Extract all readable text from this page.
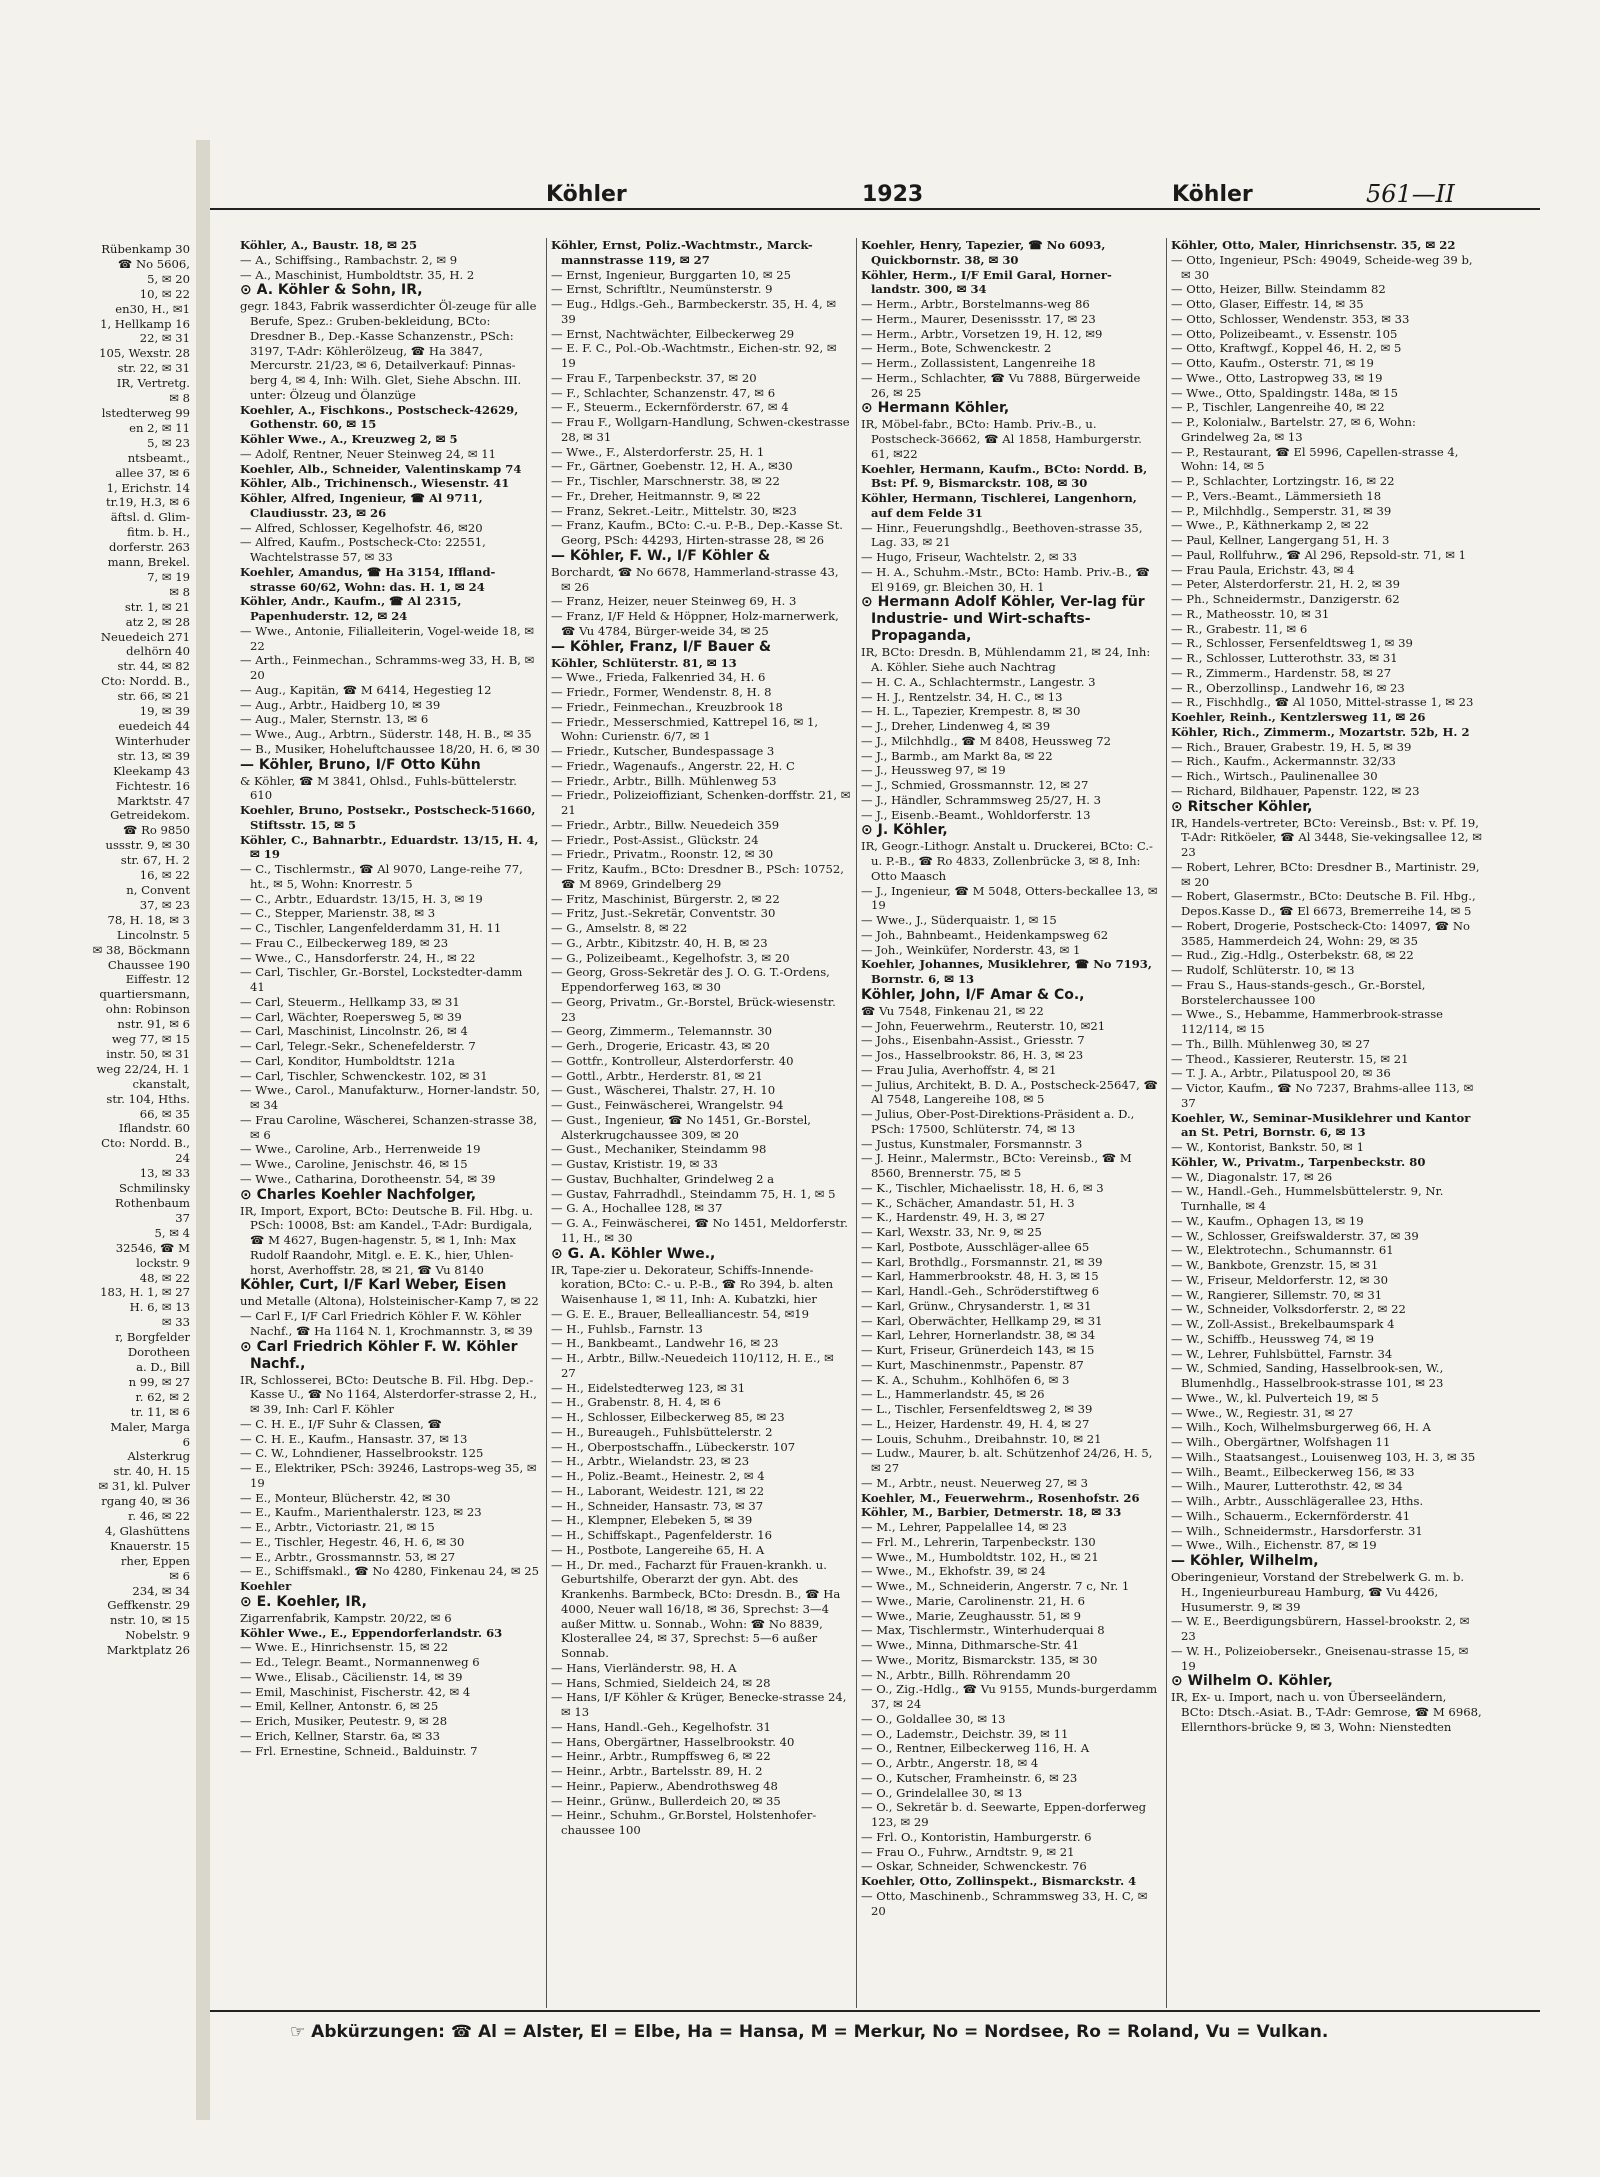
Rübenkamp 30
☎ No 5606,
5, ✉ 20
10, ✉ 22
en30, H., ✉1
1, Hellkamp 16
22, ✉ 31
105, Wexstr. 28
str. 22, ✉ 31
IR, Vertretg.
✉ 8
lstedterweg 99
en 2, ✉ 11
5, ✉ 23
ntsbeamt.,
allee 37, ✉ 6
1, Erichstr. 14
tr.19, H.3, ✉ 6
äftsl. d. Glim-
fitm. b. H.,
dorferstr. 263
mann, Brekel.
7, ✉ 19
✉ 8
str. 1, ✉ 21
atz 2, ✉ 28
Neuedeich 271
delhörn 40
str. 44, ✉ 82
Cto: Nordd. B.,
str. 66, ✉ 21
19, ✉ 39
euedeich 44
Winterhuder
str. 13, ✉ 39
Kleekamp 43
Fichtestr. 16
Marktstr. 47
Getreidekom.
☎ Ro 9850
ussstr. 9, ✉ 30
str. 67, H. 2
16, ✉ 22
n, Convent
37, ✉ 23
78, H. 18, ✉ 3
Lincolnstr. 5
✉ 38, Böckmann
Chaussee 190
Eiffestr. 12
quartiersmann,
ohn: Robinson
nstr. 91, ✉ 6
weg 77, ✉ 15
instr. 50, ✉ 31
weg 22/24, H. 1
ckanstalt,
str. 104, Hths.
66, ✉ 35
Iflandstr. 60
Cto: Nordd. B.,
24
13, ✉ 33
Schmilinsky
Rothenbaum
37
5, ✉ 4
32546, ☎ M
lockstr. 9
48, ✉ 22
183, H. 1, ✉ 27
H. 6, ✉ 13
✉ 33
r, Borgfelder
Dorotheen
a. D., Bill
n 99, ✉ 27
r. 62, ✉ 2
tr. 11, ✉ 6
Maler, Marga
6
Alsterkrug
str. 40, H. 15
✉ 31, kl. Pulver
rgang 40, ✉ 36
r. 46, ✉ 22
4, Glashüttens
Knauerstr. 15
rher, Eppen
✉ 6
234, ✉ 34
Geffkenstr. 29
nstr. 10, ✉ 15
Nobelstr. 9
Marktplatz 26
Köhler	1923	Köhler	561—II

Köhler, A., Baustr. 18, ✉ 25

— A., Schiffsing., Rambachstr. 2, ✉ 9

— A., Maschinist, Humboldtstr. 35, H. 2

⊙ A. Köhler & Sohn, IR,

gegr. 1843, Fabrik wasserdichter Öl-zeuge für alle Berufe, Spez.: Gruben-bekleidung, BCto: Dresdner B., Dep.-Kasse Schanzenstr., PSch: 3197, T-Adr: Köhlerölzeug, ☎ Ha 3847, Mercurstr. 21/23, ✉ 6, Detailverkauf: Pinnas-berg 4, ✉ 4, Inh: Wilh. Glet, Siehe Abschn. III. unter: Ölzeug und Ölanzüge

Koehler, A., Fischkons., Postscheck-42629, Gothenstr. 60, ✉ 15

Köhler Wwe., A., Kreuzweg 2, ✉ 5

— Adolf, Rentner, Neuer Steinweg 24, ✉ 11

Koehler, Alb., Schneider, Valentinskamp 74

Köhler, Alb., Trichinensch., Wiesenstr. 41

Köhler, Alfred, Ingenieur, ☎ Al 9711, Claudiusstr. 23, ✉ 26

— Alfred, Schlosser, Kegelhofstr. 46, ✉20

— Alfred, Kaufm., Postscheck-Cto: 22551, Wachtelstrasse 57, ✉ 33

Koehler, Amandus, ☎ Ha 3154, Iffland-strasse 60/62, Wohn: das. H. 1, ✉ 24

Köhler, Andr., Kaufm., ☎ Al 2315, Papenhuderstr. 12, ✉ 24

— Wwe., Antonie, Filialleiterin, Vogel-weide 18, ✉ 22

— Arth., Feinmechan., Schramms-weg 33, H. B, ✉ 20

— Aug., Kapitän, ☎ M 6414, Hegestieg 12

— Aug., Arbtr., Haidberg 10, ✉ 39

— Aug., Maler, Sternstr. 13, ✉ 6

— Wwe., Aug., Arbtrn., Süderstr. 148, H. B., ✉ 35

— B., Musiker, Hoheluftchaussee 18/20, H. 6, ✉ 30

— Köhler, Bruno, I/F Otto Kühn

& Köhler, ☎ M 3841, Ohlsd., Fuhls-büttelerstr. 610

Koehler, Bruno, Postsekr., Postscheck-51660, Stiftsstr. 15, ✉ 5

Köhler, C., Bahnarbtr., Eduardstr. 13/15, H. 4, ✉ 19

— C., Tischlermstr., ☎ Al 9070, Lange-reihe 77, ht., ✉ 5, Wohn: Knorrestr. 5

— C., Arbtr., Eduardstr. 13/15, H. 3, ✉ 19

— C., Stepper, Marienstr. 38, ✉ 3

— C., Tischler, Langenfelderdamm 31, H. 11

— Frau C., Eilbeckerweg 189, ✉ 23

— Wwe., C., Hansdorferstr. 24, H., ✉ 22

— Carl, Tischler, Gr.-Borstel, Lockstedter-damm 41

— Carl, Steuerm., Hellkamp 33, ✉ 31

— Carl, Wächter, Roepersweg 5, ✉ 39

— Carl, Maschinist, Lincolnstr. 26, ✉ 4

— Carl, Telegr.-Sekr., Schenefelderstr. 7

— Carl, Konditor, Humboldtstr. 121a

— Carl, Tischler, Schwenckestr. 102, ✉ 31

— Wwe., Carol., Manufakturw., Horner-landstr. 50, ✉ 34

— Frau Caroline, Wäscherei, Schanzen-strasse 38, ✉ 6

— Wwe., Caroline, Arb., Herrenweide 19

— Wwe., Caroline, Jenischstr. 46, ✉ 15

— Wwe., Catharina, Dorotheenstr. 54, ✉ 39

⊙ Charles Koehler Nachfolger,

IR, Import, Export, BCto: Deutsche B. Fil. Hbg. u. PSch: 10008, Bst: am Kandel., T-Adr: Burdigala, ☎ M 4627, Bugen-hagenstr. 5, ✉ 1, Inh: Max Rudolf Raandohr, Mitgl. e. E. K., hier, Uhlen-horst, Averhoffstr. 28, ✉ 21, ☎ Vu 8140

Köhler, Curt, I/F Karl Weber, Eisen

und Metalle (Altona), Holsteinischer-Kamp 7, ✉ 22

— Carl F., I/F Carl Friedrich Köhler F. W. Köhler Nachf., ☎ Ha 1164 N. 1, Krochmannstr. 3, ✉ 39

⊙ Carl Friedrich Köhler F. W. Köhler Nachf.,

IR, Schlosserei, BCto: Deutsche B. Fil. Hbg. Dep.-Kasse U., ☎ No 1164, Alsterdorfer-strasse 2, H., ✉ 39, Inh: Carl F. Köhler

— C. H. E., I/F Suhr & Classen, ☎

— C. H. E., Kaufm., Hansastr. 37, ✉ 13

— C. W., Lohndiener, Hasselbrookstr. 125

— E., Elektriker, PSch: 39246, Lastrops-weg 35, ✉ 19

— E., Monteur, Blücherstr. 42, ✉ 30

— E., Kaufm., Marienthalerstr. 123, ✉ 23

— E., Arbtr., Victoriastr. 21, ✉ 15

— E., Tischler, Hegestr. 46, H. 6, ✉ 30

— E., Arbtr., Grossmannstr. 53, ✉ 27

— E., Schiffsmakl., ☎ No 4280, Finkenau 24, ✉ 25

Koehler

⊙ E. Koehler, IR,

Zigarrenfabrik, Kampstr. 20/22, ✉ 6

Köhler Wwe., E., Eppendorferlandstr. 63

— Wwe. E., Hinrichsenstr. 15, ✉ 22

— Ed., Telegr. Beamt., Normannenweg 6

— Wwe., Elisab., Cäcilienstr. 14, ✉ 39

— Emil, Maschinist, Fischerstr. 42, ✉ 4

— Emil, Kellner, Antonstr. 6, ✉ 25

— Erich, Musiker, Peutestr. 9, ✉ 28

— Erich, Kellner, Starstr. 6a, ✉ 33

— Frl. Ernestine, Schneid., Balduinstr. 7

Köhler, Ernst, Poliz.-Wachtmstr., Marck-mannstrasse 119, ✉ 27

— Ernst, Ingenieur, Burggarten 10, ✉ 25

— Ernst, Schriftltr., Neumünsterstr. 9

— Eug., Hdlgs.-Geh., Barmbeckerstr. 35, H. 4, ✉ 39

— Ernst, Nachtwächter, Eilbeckerweg 29

— E. F. C., Pol.-Ob.-Wachtmstr., Eichen-str. 92, ✉ 19

— Frau F., Tarpenbeckstr. 37, ✉ 20

— F., Schlachter, Schanzenstr. 47, ✉ 6

— F., Steuerm., Eckernförderstr. 67, ✉ 4

— Frau F., Wollgarn-Handlung, Schwen-ckestrasse 28, ✉ 31

— Wwe., F., Alsterdorferstr. 25, H. 1

— Fr., Gärtner, Goebenstr. 12, H. A., ✉30

— Fr., Tischler, Marschnerstr. 38, ✉ 22

— Fr., Dreher, Heitmannstr. 9, ✉ 22

— Franz, Sekret.-Leitr., Mittelstr. 30, ✉23

— Franz, Kaufm., BCto: C.-u. P.-B., Dep.-Kasse St. Georg, PSch: 44293, Hirten-strasse 28, ✉ 26

— Köhler, F. W., I/F Köhler &

Borchardt, ☎ No 6678, Hammerland-strasse 43, ✉ 26

— Franz, Heizer, neuer Steinweg 69, H. 3

— Franz, I/F Held & Höppner, Holz-marnerwerk, ☎ Vu 4784, Bürger-weide 34, ✉ 25

— Köhler, Franz, I/F Bauer &

Köhler, Schlüterstr. 81, ✉ 13

— Wwe., Frieda, Falkenried 34, H. 6

— Friedr., Former, Wendenstr. 8, H. 8

— Friedr., Feinmechan., Kreuzbrook 18

— Friedr., Messerschmied, Kattrepel 16, ✉ 1, Wohn: Curienstr. 6/7, ✉ 1

— Friedr., Kutscher, Bundespassage 3

— Friedr., Wagenaufs., Angerstr. 22, H. C

— Friedr., Arbtr., Billh. Mühlenweg 53

— Friedr., Polizeioffiziant, Schenken-dorffstr. 21, ✉ 21

— Friedr., Arbtr., Billw. Neuedeich 359

— Friedr., Post-Assist., Glückstr. 24

— Friedr., Privatm., Roonstr. 12, ✉ 30

— Fritz, Kaufm., BCto: Dresdner B., PSch: 10752, ☎ M 8969, Grindelberg 29

— Fritz, Maschinist, Bürgerstr. 2, ✉ 22

— Fritz, Just.-Sekretär, Conventstr. 30

— G., Amselstr. 8, ✉ 22

— G., Arbtr., Kibitzstr. 40, H. B, ✉ 23

— G., Polizeibeamt., Kegelhofstr. 3, ✉ 20

— Georg, Gross-Sekretär des J. O. G. T.-Ordens, Eppendorferweg 163, ✉ 30

— Georg, Privatm., Gr.-Borstel, Brück-wiesenstr. 23

— Georg, Zimmerm., Telemannstr. 30

— Gerh., Drogerie, Ericastr. 43, ✉ 20

— Gottfr., Kontrolleur, Alsterdorferstr. 40

— Gottl., Arbtr., Herderstr. 81, ✉ 21

— Gust., Wäscherei, Thalstr. 27, H. 10

— Gust., Feinwäscherei, Wrangelstr. 94

— Gust., Ingenieur, ☎ No 1451, Gr.-Borstel, Alsterkrugchaussee 309, ✉ 20

— Gust., Mechaniker, Steindamm 98

— Gustav, Krististr. 19, ✉ 33

— Gustav, Buchhalter, Grindelweg 2 a

— Gustav, Fahrradhdl., Steindamm 75, H. 1, ✉ 5

— G. A., Hochallee 128, ✉ 37

— G. A., Feinwäscherei, ☎ No 1451, Meldorferstr. 11, H., ✉ 30

⊙ G. A. Köhler Wwe.,

IR, Tape-zier u. Dekorateur, Schiffs-Innende-koration, BCto: C.- u. P.-B., ☎ Ro 394, b. alten Waisenhause 1, ✉ 11, Inh: A. Kubatzki, hier

— G. E. E., Brauer, Bellealliancestr. 54, ✉19

— H., Fuhlsb., Farnstr. 13

— H., Bankbeamt., Landwehr 16, ✉ 23

— H., Arbtr., Billw.-Neuedeich 110/112, H. E., ✉ 27

— H., Eidelstedterweg 123, ✉ 31

— H., Grabenstr. 8, H. 4, ✉ 6

— H., Schlosser, Eilbeckerweg 85, ✉ 23

— H., Bureaugeh., Fuhlsbüttelerstr. 2

— H., Oberpostschaffn., Lübeckerstr. 107

— H., Arbtr., Wielandstr. 23, ✉ 23

— H., Poliz.-Beamt., Heinestr. 2, ✉ 4

— H., Laborant, Weidestr. 121, ✉ 22

— H., Schneider, Hansastr. 73, ✉ 37

— H., Klempner, Elebeken 5, ✉ 39

— H., Schiffskapt., Pagenfelderstr. 16

— H., Postbote, Langereihe 65, H. A

— H., Dr. med., Facharzt für Frauen-krankh. u. Geburtshilfe, Oberarzt der gyn. Abt. des Krankenhs. Barmbeck, BCto: Dresdn. B., ☎ Ha 4000, Neuer wall 16/18, ✉ 36, Sprechst: 3—4 außer Mittw. u. Sonnab., Wohn: ☎ No 8839, Klosterallee 24, ✉ 37, Sprechst: 5—6 außer Sonnab.

— Hans, Vierländerstr. 98, H. A

— Hans, Schmied, Sieldeich 24, ✉ 28

— Hans, I/F Köhler & Krüger, Benecke-strasse 24, ✉ 13

— Hans, Handl.-Geh., Kegelhofstr. 31

— Hans, Obergärtner, Hasselbrookstr. 40

— Heinr., Arbtr., Rumpffsweg 6, ✉ 22

— Heinr., Arbtr., Bartelsstr. 89, H. 2

— Heinr., Papierw., Abendrothsweg 48

— Heinr., Grünw., Bullerdeich 20, ✉ 35

— Heinr., Schuhm., Gr.Borstel, Holstenhofer-chaussee 100

Koehler, Henry, Tapezier, ☎ No 6093, Quickbornstr. 38, ✉ 30

Köhler, Herm., I/F Emil Garal, Horner-landstr. 300, ✉ 34

— Herm., Arbtr., Borstelmanns-weg 86

— Herm., Maurer, Desenissstr. 17, ✉ 23

— Herm., Arbtr., Vorsetzen 19, H. 12, ✉9

— Herm., Bote, Schwenckestr. 2

— Herm., Zollassistent, Langenreihe 18

— Herm., Schlachter, ☎ Vu 7888, Bürgerweide 26, ✉ 25

⊙ Hermann Köhler,

IR, Möbel-fabr., BCto: Hamb. Priv.-B., u. Postscheck-36662, ☎ Al 1858, Hamburgerstr. 61, ✉22

Koehler, Hermann, Kaufm., BCto: Nordd. B, Bst: Pf. 9, Bismarckstr. 108, ✉ 30

Köhler, Hermann, Tischlerei, Langenhorn, auf dem Felde 31

— Hinr., Feuerungshdlg., Beethoven-strasse 35, Lag. 33, ✉ 21

— Hugo, Friseur, Wachtelstr. 2, ✉ 33

— H. A., Schuhm.-Mstr., BCto: Hamb. Priv.-B., ☎ El 9169, gr. Bleichen 30, H. 1

⊙ Hermann Adolf Köhler, Ver-lag für Industrie- und Wirt-schafts-Propaganda,

IR, BCto: Dresdn. B, Mühlendamm 21, ✉ 24, Inh: A. Köhler. Siehe auch Nachtrag

— H. C. A., Schlachtermstr., Langestr. 3

— H. J., Rentzelstr. 34, H. C., ✉ 13

— H. L., Tapezier, Krempestr. 8, ✉ 30

— J., Dreher, Lindenweg 4, ✉ 39

— J., Milchhdlg., ☎ M 8408, Heussweg 72

— J., Barmb., am Markt 8a, ✉ 22

— J., Heussweg 97, ✉ 19

— J., Schmied, Grossmannstr. 12, ✉ 27

— J., Händler, Schrammsweg 25/27, H. 3

— J., Eisenb.-Beamt., Wohldorferstr. 13

⊙ J. Köhler,

IR, Geogr.-Lithogr. Anstalt u. Druckerei, BCto: C.-u. P.-B., ☎ Ro 4833, Zollenbrücke 3, ✉ 8, Inh: Otto Maasch

— J., Ingenieur, ☎ M 5048, Otters-beckallee 13, ✉ 19

— Wwe., J., Süderquaistr. 1, ✉ 15

— Joh., Bahnbeamt., Heidenkampsweg 62

— Joh., Weinküfer, Norderstr. 43, ✉ 1

Koehler, Johannes, Musiklehrer, ☎ No 7193, Bornstr. 6, ✉ 13

Köhler, John, I/F Amar & Co.,

☎ Vu 7548, Finkenau 21, ✉ 22

— John, Feuerwehrm., Reuterstr. 10, ✉21

— Johs., Eisenbahn-Assist., Griesstr. 7

— Jos., Hasselbrookstr. 86, H. 3, ✉ 23

— Frau Julia, Averhoffstr. 4, ✉ 21

— Julius, Architekt, B. D. A., Postscheck-25647, ☎ Al 7548, Langereihe 108, ✉ 5

— Julius, Ober-Post-Direktions-Präsident a. D., PSch: 17500, Schlüterstr. 74, ✉ 13

— Justus, Kunstmaler, Forsmannstr. 3

— J. Heinr., Malermstr., BCto: Vereinsb., ☎ M 8560, Brennerstr. 75, ✉ 5

— K., Tischler, Michaelisstr. 18, H. 6, ✉ 3

— K., Schächer, Amandastr. 51, H. 3

— K., Hardenstr. 49, H. 3, ✉ 27

— Karl, Wexstr. 33, Nr. 9, ✉ 25

— Karl, Postbote, Ausschläger-allee 65

— Karl, Brothdlg., Forsmannstr. 21, ✉ 39

— Karl, Hammerbrookstr. 48, H. 3, ✉ 15

— Karl, Handl.-Geh., Schröderstiftweg 6

— Karl, Grünw., Chrysanderstr. 1, ✉ 31

— Karl, Oberwächter, Hellkamp 29, ✉ 31

— Karl, Lehrer, Hornerlandstr. 38, ✉ 34

— Kurt, Friseur, Grünerdeich 143, ✉ 15

— Kurt, Maschinenmstr., Papenstr. 87

— K. A., Schuhm., Kohlhöfen 6, ✉ 3

— L., Hammerlandstr. 45, ✉ 26

— L., Tischler, Fersenfeldtsweg 2, ✉ 39

— L., Heizer, Hardenstr. 49, H. 4, ✉ 27

— Louis, Schuhm., Dreibahnstr. 10, ✉ 21

— Ludw., Maurer, b. alt. Schützenhof 24/26, H. 5, ✉ 27

— M., Arbtr., neust. Neuerweg 27, ✉ 3

Koehler, M., Feuerwehrm., Rosenhofstr. 26

Köhler, M., Barbier, Detmerstr. 18, ✉ 33

— M., Lehrer, Pappelallee 14, ✉ 23

— Frl. M., Lehrerin, Tarpenbeckstr. 130

— Wwe., M., Humboldtstr. 102, H., ✉ 21

— Wwe., M., Ekhofstr. 39, ✉ 24

— Wwe., M., Schneiderin, Angerstr. 7 c, Nr. 1

— Wwe., Marie, Carolinenstr. 21, H. 6

— Wwe., Marie, Zeughausstr. 51, ✉ 9

— Max, Tischlermstr., Winterhuderquai 8

— Wwe., Minna, Dithmarsche-Str. 41

— Wwe., Moritz, Bismarckstr. 135, ✉ 30

— N., Arbtr., Billh. Röhrendamm 20

— O., Zig.-Hdlg., ☎ Vu 9155, Munds-burgerdamm 37, ✉ 24

— O., Goldallee 30, ✉ 13

— O., Lademstr., Deichstr. 39, ✉ 11

— O., Rentner, Eilbeckerweg 116, H. A

— O., Arbtr., Angerstr. 18, ✉ 4

— O., Kutscher, Framheinstr. 6, ✉ 23

— O., Grindelallee 30, ✉ 13

— O., Sekretär b. d. Seewarte, Eppen-dorferweg 123, ✉ 29

— Frl. O., Kontoristin, Hamburgerstr. 6

— Frau O., Fuhrw., Arndtstr. 9, ✉ 21

— Oskar, Schneider, Schwenckestr. 76

Koehler, Otto, Zollinspekt., Bismarckstr. 4

— Otto, Maschinenb., Schrammsweg 33, H. C, ✉ 20

Köhler, Otto, Maler, Hinrichsenstr. 35, ✉ 22

— Otto, Ingenieur, PSch: 49049, Scheide-weg 39 b, ✉ 30

— Otto, Heizer, Billw. Steindamm 82

— Otto, Glaser, Eiffestr. 14, ✉ 35

— Otto, Schlosser, Wendenstr. 353, ✉ 33

— Otto, Polizeibeamt., v. Essenstr. 105

— Otto, Kraftwgf., Koppel 46, H. 2, ✉ 5

— Otto, Kaufm., Osterstr. 71, ✉ 19

— Wwe., Otto, Lastropweg 33, ✉ 19

— Wwe., Otto, Spaldingstr. 148a, ✉ 15

— P., Tischler, Langenreihe 40, ✉ 22

— P., Kolonialw., Bartelstr. 27, ✉ 6, Wohn: Grindelweg 2a, ✉ 13

— P., Restaurant, ☎ El 5996, Capellen-strasse 4, Wohn: 14, ✉ 5

— P., Schlachter, Lortzingstr. 16, ✉ 22

— P., Vers.-Beamt., Lämmersieth 18

— P., Milchhdlg., Semperstr. 31, ✉ 39

— Wwe., P., Käthnerkamp 2, ✉ 22

— Paul, Kellner, Langergang 51, H. 3

— Paul, Rollfuhrw., ☎ Al 296, Repsold-str. 71, ✉ 1

— Frau Paula, Erichstr. 43, ✉ 4

— Peter, Alsterdorferstr. 21, H. 2, ✉ 39

— Ph., Schneidermstr., Danzigerstr. 62

— R., Matheosstr. 10, ✉ 31

— R., Grabestr. 11, ✉ 6

— R., Schlosser, Fersenfeldtsweg 1, ✉ 39

— R., Schlosser, Lutterothstr. 33, ✉ 31

— R., Zimmerm., Hardenstr. 58, ✉ 27

— R., Oberzollinsp., Landwehr 16, ✉ 23

— R., Fischhdlg., ☎ Al 1050, Mittel-strasse 1, ✉ 23

Koehler, Reinh., Kentzlersweg 11, ✉ 26

Köhler, Rich., Zimmerm., Mozartstr. 52b, H. 2

— Rich., Brauer, Grabestr. 19, H. 5, ✉ 39

— Rich., Kaufm., Ackermannstr. 32/33

— Rich., Wirtsch., Paulinenallee 30

— Richard, Bildhauer, Papenstr. 122, ✉ 23

⊙ Ritscher Köhler,

IR, Handels-vertreter, BCto: Vereinsb., Bst: v. Pf. 19, T-Adr: Ritköeler, ☎ Al 3448, Sie-vekingsallee 12, ✉ 23

— Robert, Lehrer, BCto: Dresdner B., Martinistr. 29, ✉ 20

— Robert, Glasermstr., BCto: Deutsche B. Fil. Hbg., Depos.Kasse D., ☎ El 6673, Bremerreihe 14, ✉ 5

— Robert, Drogerie, Postscheck-Cto: 14097, ☎ No 3585, Hammerdeich 24, Wohn: 29, ✉ 35

— Rud., Zig.-Hdlg., Osterbekstr. 68, ✉ 22

— Rudolf, Schlüterstr. 10, ✉ 13

— Frau S., Haus-stands-gesch., Gr.-Borstel, Borstelerchaussee 100

— Wwe., S., Hebamme, Hammerbrook-strasse 112/114, ✉ 15

— Th., Billh. Mühlenweg 30, ✉ 27

— Theod., Kassierer, Reuterstr. 15, ✉ 21

— T. J. A., Arbtr., Pilatuspool 20, ✉ 36

— Victor, Kaufm., ☎ No 7237, Brahms-allee 113, ✉ 37

Koehler, W., Seminar-Musiklehrer und Kantor an St. Petri, Bornstr. 6, ✉ 13

— W., Kontorist, Bankstr. 50, ✉ 1

Köhler, W., Privatm., Tarpenbeckstr. 80

— W., Diagonalstr. 17, ✉ 26

— W., Handl.-Geh., Hummelsbüttelerstr. 9, Nr. Turnhalle, ✉ 4

— W., Kaufm., Ophagen 13, ✉ 19

— W., Schlosser, Greifswalderstr. 37, ✉ 39

— W., Elektrotechn., Schumannstr. 61

— W., Bankbote, Grenzstr. 15, ✉ 31

— W., Friseur, Meldorferstr. 12, ✉ 30

— W., Rangierer, Sillemstr. 70, ✉ 31

— W., Schneider, Volksdorferstr. 2, ✉ 22

— W., Zoll-Assist., Brekelbaumspark 4

— W., Schiffb., Heussweg 74, ✉ 19

— W., Lehrer, Fuhlsbüttel, Farnstr. 34

— W., Schmied, Sanding, Hasselbrook-sen, W., Blumenhdlg., Hasselbrook-strasse 101, ✉ 23

— Wwe., W., kl. Pulverteich 19, ✉ 5

— Wwe., W., Regiestr. 31, ✉ 27

— Wilh., Koch, Wilhelmsburgerweg 66, H. A

— Wilh., Obergärtner, Wolfshagen 11

— Wilh., Staatsangest., Louisenweg 103, H. 3, ✉ 35

— Wilh., Beamt., Eilbeckerweg 156, ✉ 33

— Wilh., Maurer, Lutterothstr. 42, ✉ 34

— Wilh., Arbtr., Ausschlägerallee 23, Hths.

— Wilh., Schauerm., Eckernförderstr. 41

— Wilh., Schneidermstr., Harsdorferstr. 31

— Wwe., Wilh., Eichenstr. 87, ✉ 19

— Köhler, Wilhelm,

Oberingenieur, Vorstand der Strebelwerk G. m. b. H., Ingenieurbureau Hamburg, ☎ Vu 4426, Husumerstr. 9, ✉ 39

— W. E., Beerdigungsbürern, Hassel-brookstr. 2, ✉ 23

— W. H., Polizeiobersekr., Gneisenau-strasse 15, ✉ 19

⊙ Wilhelm O. Köhler,

IR, Ex- u. Import, nach u. von Überseeländern, BCto: Dtsch.-Asiat. B., T-Adr: Gemrose, ☎ M 6968, Ellernthors-brücke 9, ✉ 3, Wohn: Nienstedten

☞ Abkürzungen: ☎ Al = Alster, El = Elbe, Ha = Hansa, M = Merkur, No = Nordsee, Ro = Roland, Vu = Vulkan.
